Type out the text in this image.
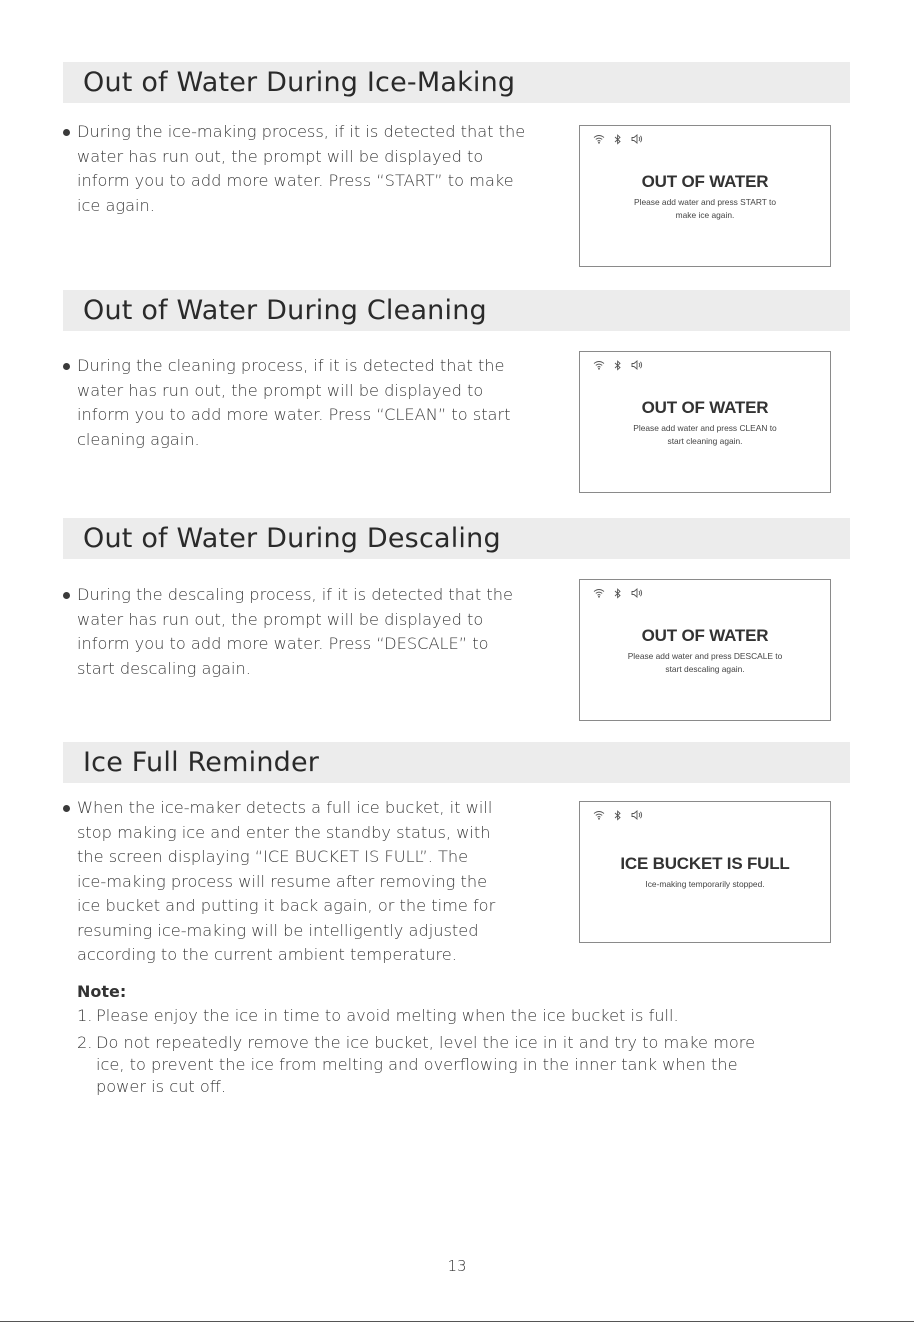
Out of Water During Ice-Making
During the ice-making process, if it is detected that the
water has run out, the prompt will be displayed to
inform you to add more water. Press “START” to make
ice again.
OUT OF WATER
Please add water and press START to
make ice again.
Out of Water During Cleaning
During the cleaning process, if it is detected that the
water has run out, the prompt will be displayed to
inform you to add more water. Press “CLEAN” to start
cleaning again.
OUT OF WATER
Please add water and press CLEAN to
start cleaning again.
Out of Water During Descaling
During the descaling process, if it is detected that the
water has run out, the prompt will be displayed to
inform you to add more water. Press “DESCALE” to
start descaling again.
OUT OF WATER
Please add water and press DESCALE to
start descaling again.
Ice Full Reminder
When the ice-maker detects a full ice bucket, it will
stop making ice and enter the standby status, with
the screen displaying “ICE BUCKET IS FULL”. The
ice-making process will resume after removing the
ice bucket and putting it back again, or the time for
resuming ice-making will be intelligently adjusted
according to the current ambient temperature.
ICE BUCKET IS FULL
Ice-making temporarily stopped.

Note:

1. Please enjoy the ice in time to avoid melting when the ice bucket is full.
2. Do not repeatedly remove the ice bucket, level the ice in it and try to make more
ice, to prevent the ice from melting and overflowing in the inner tank when the
power is cut off.
13
